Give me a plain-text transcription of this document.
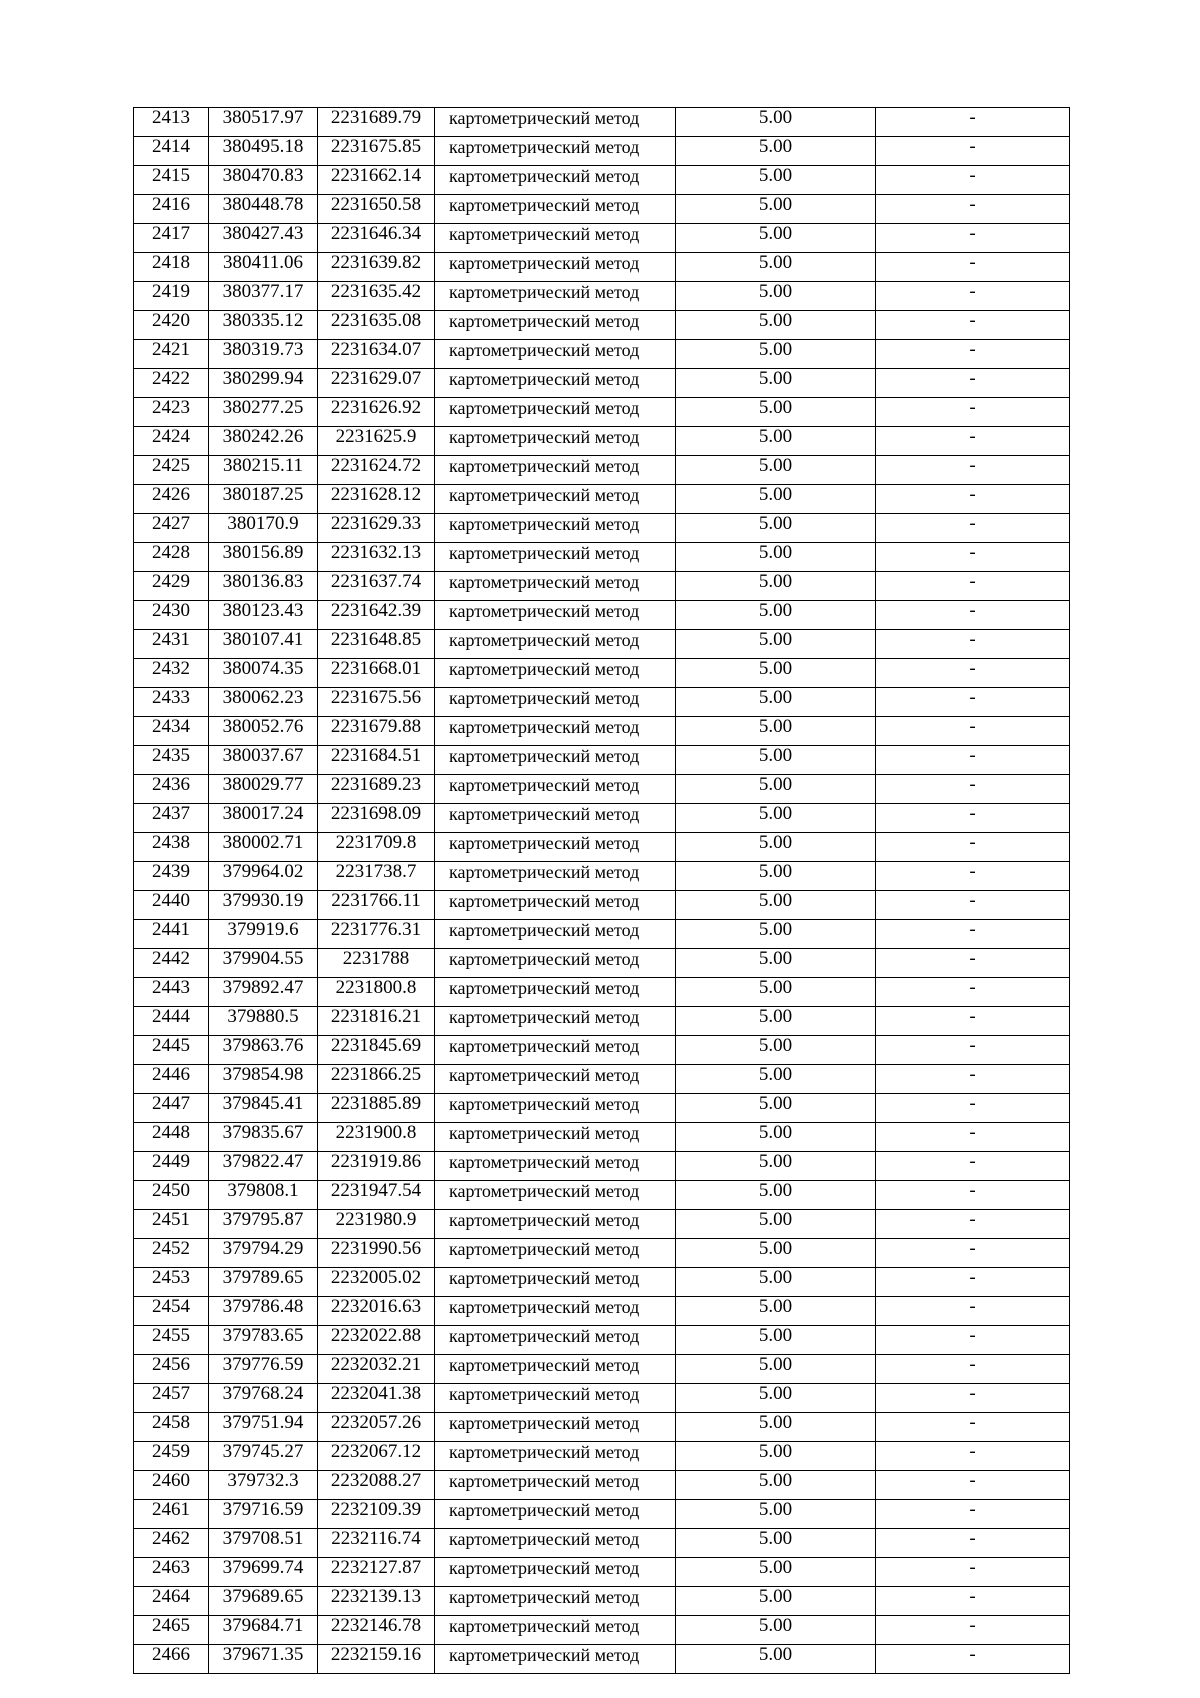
2413	380517.97	2231689.79	картометрический метод	5.00	-
2414	380495.18	2231675.85	картометрический метод	5.00	-
2415	380470.83	2231662.14	картометрический метод	5.00	-
2416	380448.78	2231650.58	картометрический метод	5.00	-
2417	380427.43	2231646.34	картометрический метод	5.00	-
2418	380411.06	2231639.82	картометрический метод	5.00	-
2419	380377.17	2231635.42	картометрический метод	5.00	-
2420	380335.12	2231635.08	картометрический метод	5.00	-
2421	380319.73	2231634.07	картометрический метод	5.00	-
2422	380299.94	2231629.07	картометрический метод	5.00	-
2423	380277.25	2231626.92	картометрический метод	5.00	-
2424	380242.26	2231625.9	картометрический метод	5.00	-
2425	380215.11	2231624.72	картометрический метод	5.00	-
2426	380187.25	2231628.12	картометрический метод	5.00	-
2427	380170.9	2231629.33	картометрический метод	5.00	-
2428	380156.89	2231632.13	картометрический метод	5.00	-
2429	380136.83	2231637.74	картометрический метод	5.00	-
2430	380123.43	2231642.39	картометрический метод	5.00	-
2431	380107.41	2231648.85	картометрический метод	5.00	-
2432	380074.35	2231668.01	картометрический метод	5.00	-
2433	380062.23	2231675.56	картометрический метод	5.00	-
2434	380052.76	2231679.88	картометрический метод	5.00	-
2435	380037.67	2231684.51	картометрический метод	5.00	-
2436	380029.77	2231689.23	картометрический метод	5.00	-
2437	380017.24	2231698.09	картометрический метод	5.00	-
2438	380002.71	2231709.8	картометрический метод	5.00	-
2439	379964.02	2231738.7	картометрический метод	5.00	-
2440	379930.19	2231766.11	картометрический метод	5.00	-
2441	379919.6	2231776.31	картометрический метод	5.00	-
2442	379904.55	2231788	картометрический метод	5.00	-
2443	379892.47	2231800.8	картометрический метод	5.00	-
2444	379880.5	2231816.21	картометрический метод	5.00	-
2445	379863.76	2231845.69	картометрический метод	5.00	-
2446	379854.98	2231866.25	картометрический метод	5.00	-
2447	379845.41	2231885.89	картометрический метод	5.00	-
2448	379835.67	2231900.8	картометрический метод	5.00	-
2449	379822.47	2231919.86	картометрический метод	5.00	-
2450	379808.1	2231947.54	картометрический метод	5.00	-
2451	379795.87	2231980.9	картометрический метод	5.00	-
2452	379794.29	2231990.56	картометрический метод	5.00	-
2453	379789.65	2232005.02	картометрический метод	5.00	-
2454	379786.48	2232016.63	картометрический метод	5.00	-
2455	379783.65	2232022.88	картометрический метод	5.00	-
2456	379776.59	2232032.21	картометрический метод	5.00	-
2457	379768.24	2232041.38	картометрический метод	5.00	-
2458	379751.94	2232057.26	картометрический метод	5.00	-
2459	379745.27	2232067.12	картометрический метод	5.00	-
2460	379732.3	2232088.27	картометрический метод	5.00	-
2461	379716.59	2232109.39	картометрический метод	5.00	-
2462	379708.51	2232116.74	картометрический метод	5.00	-
2463	379699.74	2232127.87	картометрический метод	5.00	-
2464	379689.65	2232139.13	картометрический метод	5.00	-
2465	379684.71	2232146.78	картометрический метод	5.00	-
2466	379671.35	2232159.16	картометрический метод	5.00	-
